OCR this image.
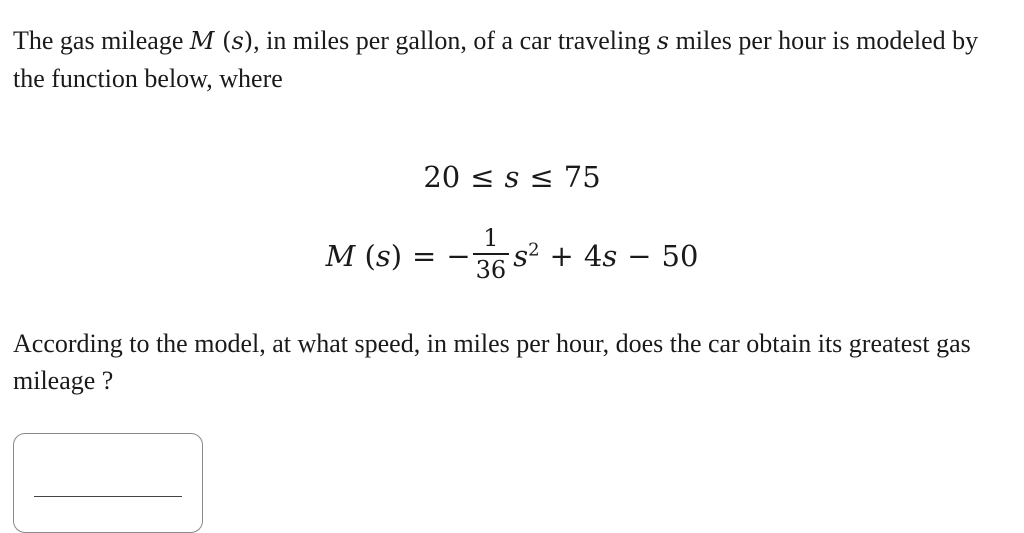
The gas mileage M (s), in miles per gallon, of a car traveling s miles per hour is modeled by the function below, where
20 ≤ s ≤ 75
M (s) = − $\frac{1}{36} s^2 + 4s - 50$
According to the model, at what speed, in miles per hour, does the car obtain its greatest gas mileage ?
